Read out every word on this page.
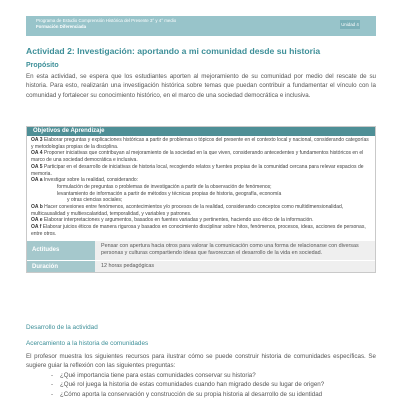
Programa de Estudio Comprensión Histórica del Presente 3° y 4° medio
Formación Diferenciada	Unidad 4
Actividad 2: Investigación: aportando a mi comunidad desde su historia
Propósito
En esta actividad, se espera que los estudiantes aporten al mejoramiento de su comunidad por medio del rescate de su historia. Para esto, realizarán una investigación histórica sobre temas que puedan contribuir a fundamentar el vínculo con la comunidad y fortalecer su conocimiento histórico, en el marco de una sociedad democrática e inclusiva.
Objetivos de Aprendizaje
OA 3 Elaborar preguntas y explicaciones históricas a partir de problemas o tópicos del presente en el contexto local y nacional, considerando categorías y metodologías propias de la disciplina.
OA 4 Proponer iniciativas que contribuyan al mejoramiento de la sociedad en la que viven, considerando antecedentes y fundamentos históricos en el marco de una sociedad democrática e inclusiva.
OA 5 Participar en el desarrollo de iniciativas de historia local, recogiendo relatos y fuentes propias de la comunidad cercana para relevar espacios de memoria.
OA a Investigar sobre la realidad, considerando:
formulación de preguntas o problemas de investigación a partir de la observación de fenómenos;
levantamiento de información a partir de métodos y técnicas propias de historia, geografía, economía
y otras ciencias sociales;
OA b Hacer conexiones entre fenómenos, acontecimientos y/o procesos de la realidad, considerando conceptos como multidimensionalidad, multicausalidad y multiescalaridad, temporalidad, y variables y patrones.
OA e Elaborar interpretaciones y argumentos, basados en fuentes variadas y pertinentes, haciendo uso ético de la información.
OA f Elaborar juicios éticos de manera rigurosa y basados en conocimiento disciplinar sobre hitos, fenómenos, procesos, ideas, acciones de personas, entre otros.
Actitudes
Pensar con apertura hacia otros para valorar la comunicación como una forma de relacionarse con diversas personas y culturas compartiendo ideas que favorezcan el desarrollo de la vida en sociedad.
Duración	12 horas pedagógicas
Desarrollo de la actividad
Acercamiento a la historia de comunidades
El profesor muestra los siguientes recursos para ilustrar cómo se puede construir historia de comunidades específicas. Se sugiere guiar la reflexión con las siguientes preguntas:
- ¿Qué importancia tiene para estas comunidades conservar su historia?
- ¿Qué rol juega la historia de estas comunidades cuando han migrado desde su lugar de origen?
- ¿Cómo aporta la conservación y construcción de su propia historia al desarrollo de su identidad
